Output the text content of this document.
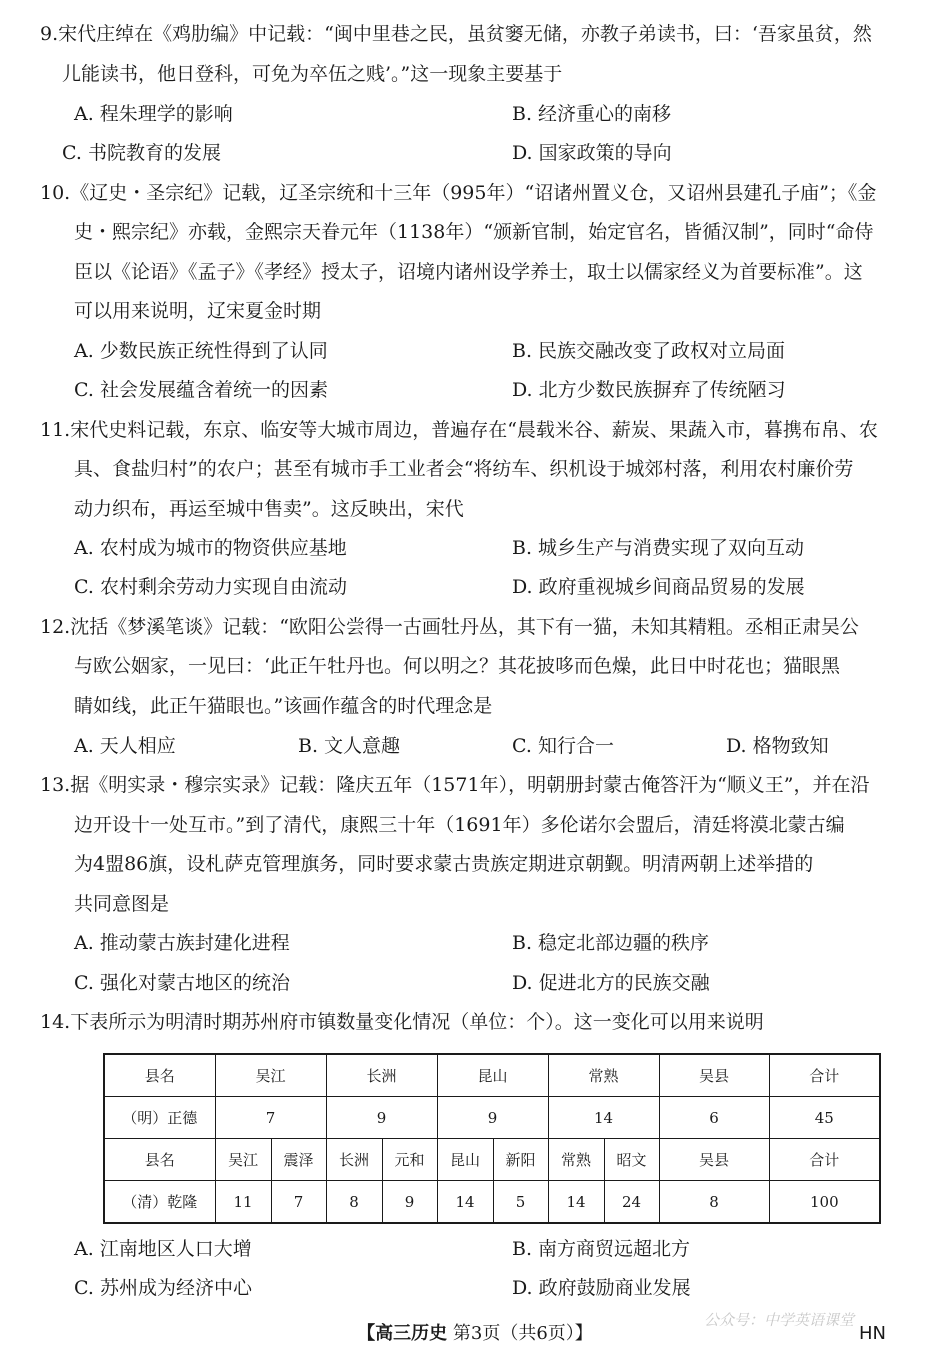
9.宋代庄绰在《鸡肋编》中记载：“闽中里巷之民，虽贫窭无储，亦教子弟读书，曰：‘吾家虽贫，然
儿能读书，他日登科，可免为卒伍之贱’。”这一现象主要基于
A. 程朱理学的影响	B. 经济重心的南移
C. 书院教育的发展	D. 国家政策的导向
10.《辽史・圣宗纪》记载，辽圣宗统和十三年（995年）“诏诸州置义仓，又诏州县建孔子庙”；《金
史・熙宗纪》亦载，金熙宗天眷元年（1138年）“颁新官制，始定官名，皆循汉制”，同时“命侍
臣以《论语》《孟子》《孝经》授太子，诏境内诸州设学养士，取士以儒家经义为首要标准”。这
可以用来说明，辽宋夏金时期
A. 少数民族正统性得到了认同	B. 民族交融改变了政权对立局面
C. 社会发展蕴含着统一的因素	D. 北方少数民族摒弃了传统陋习
11.宋代史料记载，东京、临安等大城市周边，普遍存在“晨载米谷、薪炭、果蔬入市，暮携布帛、农
具、食盐归村”的农户；甚至有城市手工业者会“将纺车、织机设于城郊村落，利用农村廉价劳
动力织布，再运至城中售卖”。这反映出，宋代
A. 农村成为城市的物资供应基地	B. 城乡生产与消费实现了双向互动
C. 农村剩余劳动力实现自由流动	D. 政府重视城乡间商品贸易的发展
12.沈括《梦溪笔谈》记载：“欧阳公尝得一古画牡丹丛，其下有一猫，未知其精粗。丞相正肃吴公
与欧公姻家，一见曰：‘此正午牡丹也。何以明之？其花披哆而色燥，此日中时花也；猫眼黑
睛如线，此正午猫眼也。”该画作蕴含的时代理念是
A. 天人相应	B. 文人意趣	C. 知行合一	D. 格物致知
13.据《明实录・穆宗实录》记载：隆庆五年（1571年），明朝册封蒙古俺答汗为“顺义王”，并在沿
边开设十一处互市。”到了清代，康熙三十年（1691年）多伦诺尔会盟后，清廷将漠北蒙古编
为4盟86旗，设札萨克管理旗务，同时要求蒙古贵族定期进京朝觐。明清两朝上述举措的
共同意图是
A. 推动蒙古族封建化进程	B. 稳定北部边疆的秩序
C. 强化对蒙古地区的统治	D. 促进北方的民族交融
14.下表所示为明清时期苏州府市镇数量变化情况（单位：个）。这一变化可以用来说明
县名	吴江		长洲		昆山		常熟		吴县	合计
（明）正德	7		9		9		14		6	45
县名	吴江	震泽	长洲	元和	昆山	新阳	常熟	昭文	吴县	合计
（清）乾隆	11	7	8	9	14	5	14	24	8	100
A. 江南地区人口大增	B. 南方商贸远超北方
C. 苏州成为经济中心	D. 政府鼓励商业发展
公众号：中学英语课堂
【高三历史 第3页（共6页）】	HN
